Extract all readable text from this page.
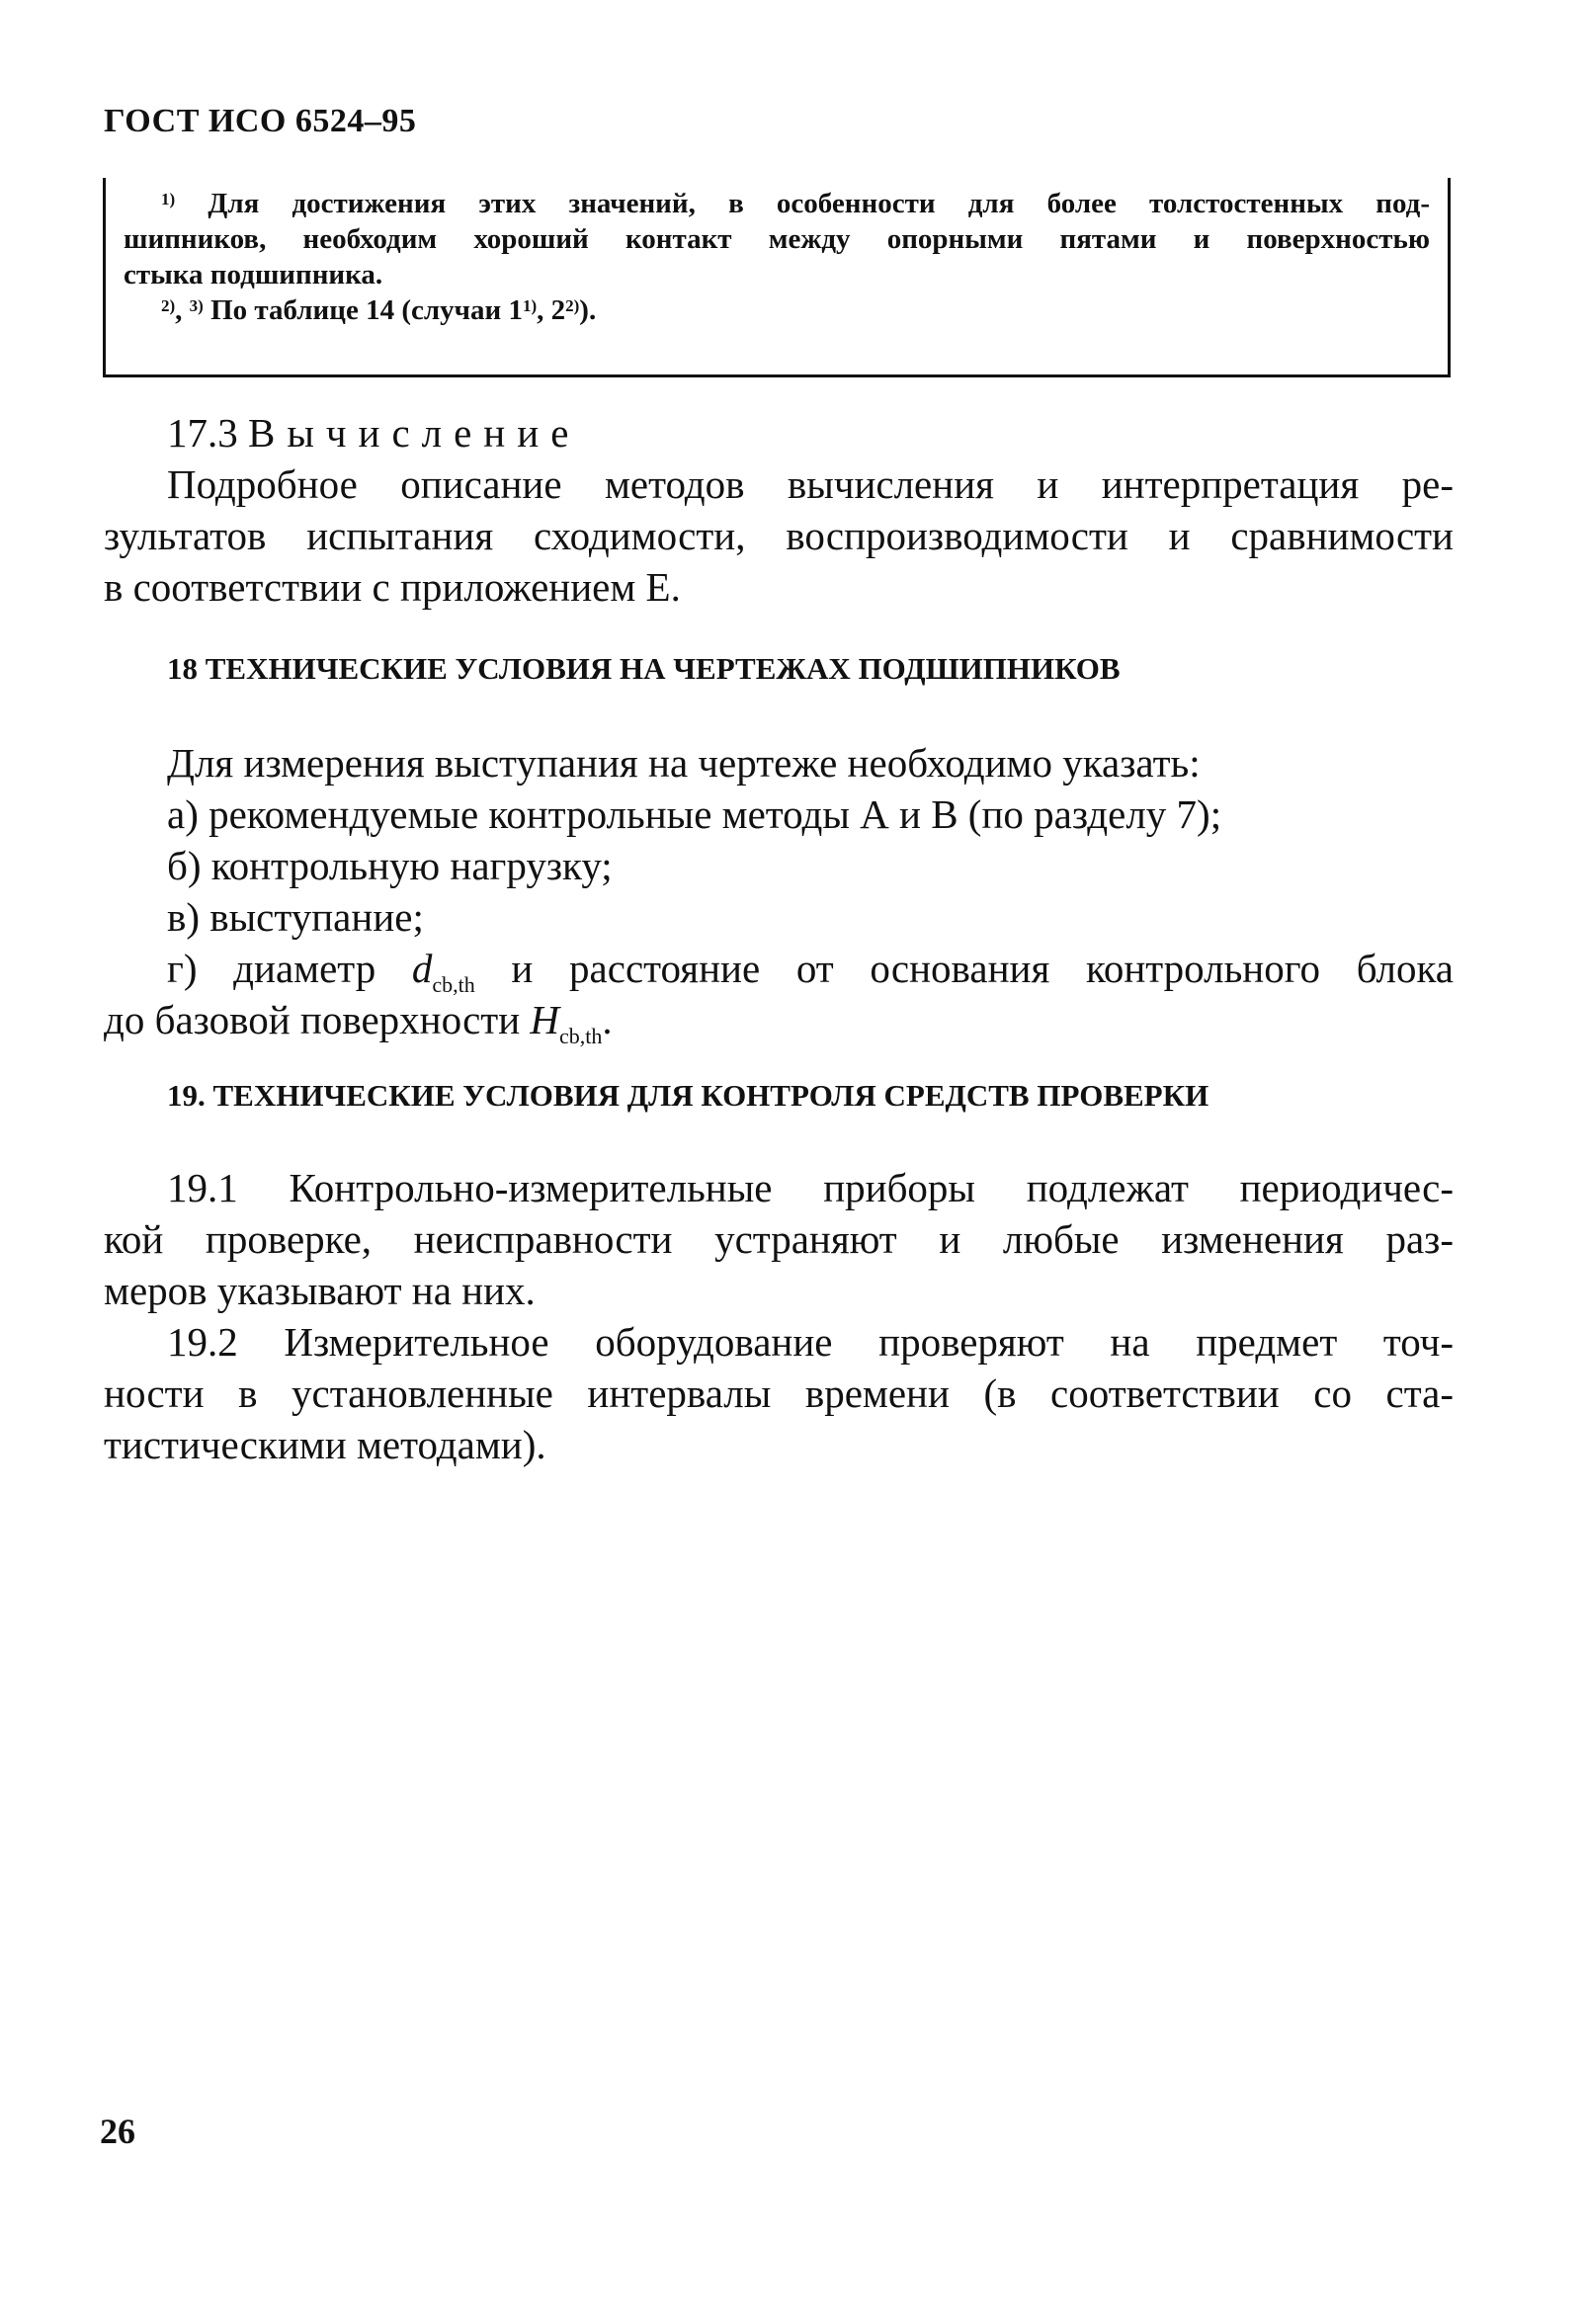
ГОСТ ИСО 6524–95
$^{1)}$ Для достижения этих значений, в особенности для более толстостенных под-
шипников, необходим хороший контакт между опорными пятами и поверхностью
стыка подшипника.
$^{2)}$, $^{3)}$ По таблице 14 (случаи 1$^{1)}$, 2$^{2)}$).
17.3 Вычисление
Подробное описание методов вычисления и интерпретация ре-
зультатов испытания сходимости, воспроизводимости и сравнимости
в соответствии с приложением Е.
18 ТЕХНИЧЕСКИЕ УСЛОВИЯ НА ЧЕРТЕЖАХ ПОДШИПНИКОВ
Для измерения выступания на чертеже необходимо указать:
а) рекомендуемые контрольные методы А и В (по разделу 7);
б) контрольную нагрузку;
в) выступание;
г) диаметр $d_{cb,th}$ и расстояние от основания контрольного блока
до базовой поверхности $H_{cb,th}$.
19. ТЕХНИЧЕСКИЕ УСЛОВИЯ ДЛЯ КОНТРОЛЯ СРЕДСТВ ПРОВЕРКИ
19.1 Контрольно-измерительные приборы подлежат периодичес-
кой проверке, неисправности устраняют и любые изменения раз-
меров указывают на них.
19.2 Измерительное оборудование проверяют на предмет точ-
ности в установленные интервалы времени (в соответствии со ста-
тистическими методами).
26
